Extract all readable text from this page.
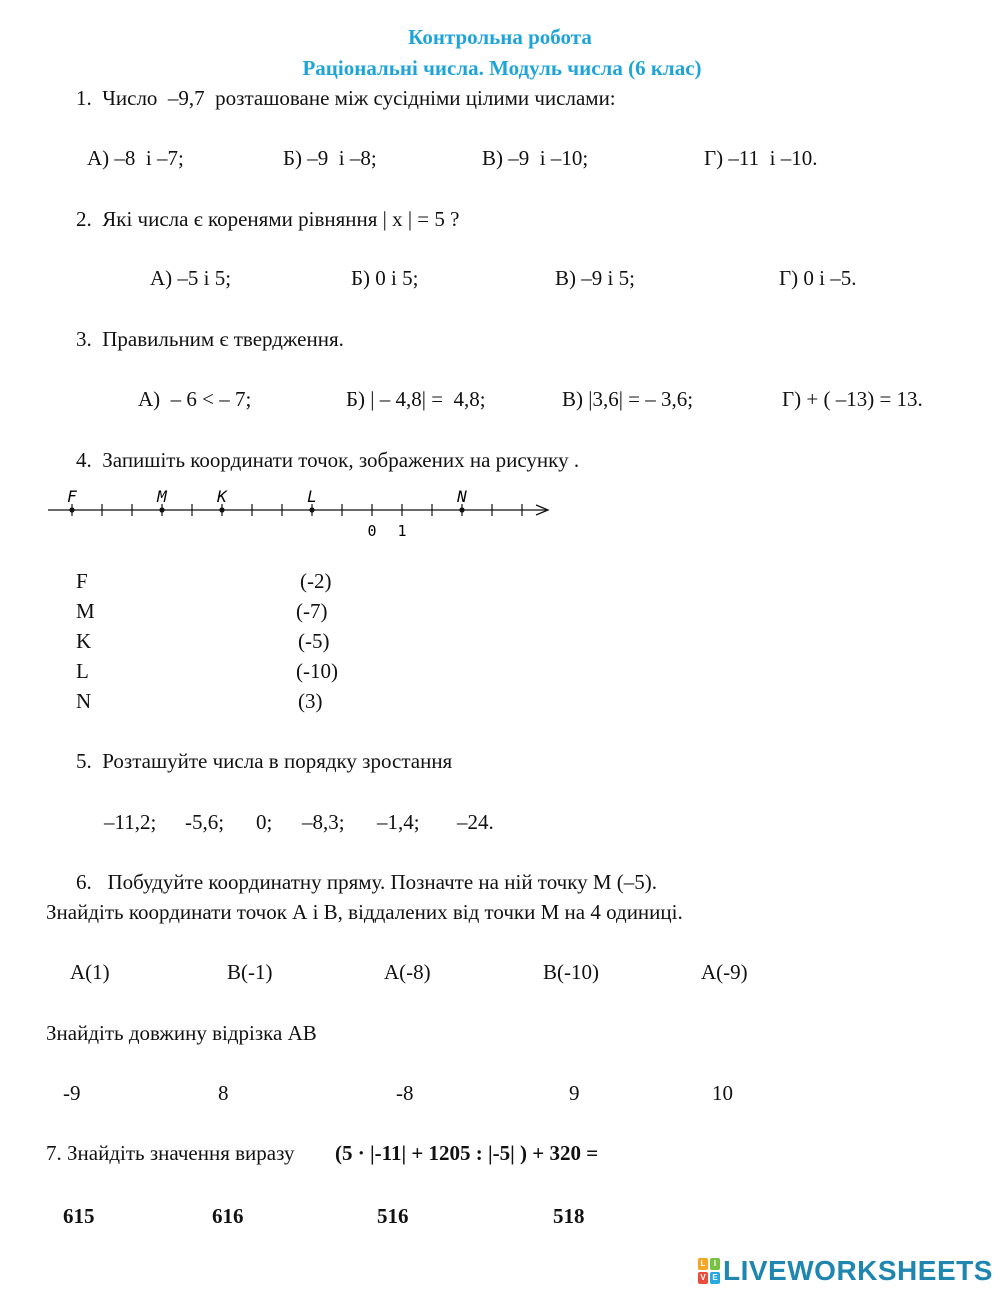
Контрольна робота
Раціональні числа. Модуль числа (6 клас)
1.  Число  –9,7  розташоване між сусідніми цілими числами:
А) –8  і –7;	Б) –9  і –8;	В) –9  і –10;	Г) –11  і –10.
2.  Які числа є коренями рівняння | x | = 5 ?
А) –5 і 5;	Б) 0 і 5;	В) –9 і 5;	Г) 0 і –5.
3.  Правильним є твердження.
А)  – 6 < – 7;	Б) | – 4,8| =  4,8;	В) |3,6| = – 3,6;	Г) + ( –13) = 13.
4.  Запишіть координати точок, зображених на рисунку .
F	M	K	L	N
0 1
F	(-2)
M	(-7)
K	(-5)
L	(-10)
N	(3)
5.  Розташуйте числа в порядку зростання
–11,2; -5,6; 0; –8,3; –1,4; –24.
6.   Побудуйте координатну пряму. Позначте на ній точку М (–5).
Знайдіть координати точок А і В, віддалених від точки М на 4 одиниці.
А(1)	В(-1)	А(-8)	В(-10)	А(-9)
Знайдіть довжину відрізка АВ
-9	8	-8	9	10
7. Знайдіть значення виразу (5 · |-11| + 1205 : |-5| ) + 320 =
615	616	516	518
L	I
V E LIVEWORKSHEETS
